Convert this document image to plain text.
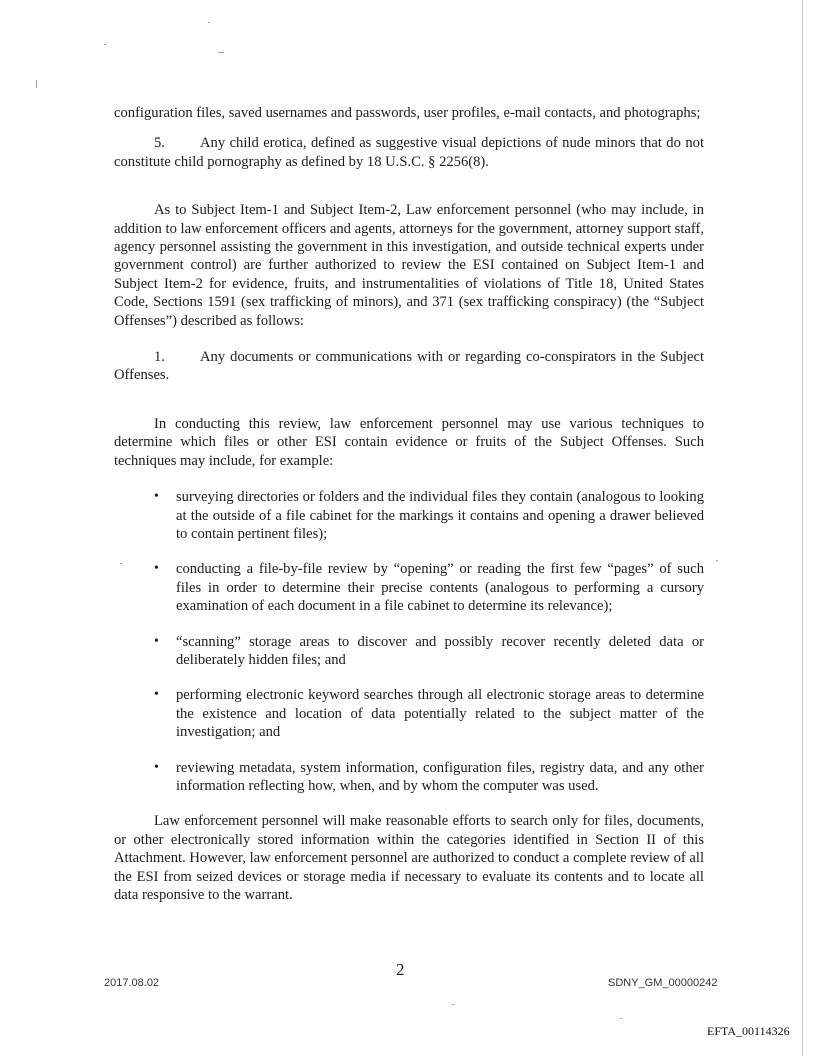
configuration files, saved usernames and passwords, user profiles, e-mail contacts, and photographs;

5. Any child erotica, defined as suggestive visual depictions of nude minors that do not constitute child pornography as defined by 18 U.S.C. § 2256(8).

As to Subject Item-1 and Subject Item-2, Law enforcement personnel (who may include, in addition to law enforcement officers and agents, attorneys for the government, attorney support staff, agency personnel assisting the government in this investigation, and outside technical experts under government control) are further authorized to review the ESI contained on Subject Item-1 and Subject Item-2 for evidence, fruits, and instrumentalities of violations of Title 18, United States Code, Sections 1591 (sex trafficking of minors), and 371 (sex trafficking conspiracy) (the “Subject Offenses”) described as follows:

1. Any documents or communications with or regarding co-conspirators in the Subject Offenses.

In conducting this review, law enforcement personnel may use various techniques to determine which files or other ESI contain evidence or fruits of the Subject Offenses. Such techniques may include, for example:

• surveying directories or folders and the individual files they contain (analogous to looking at the outside of a file cabinet for the markings it contains and opening a drawer believed to contain pertinent files);
• conducting a file-by-file review by “opening” or reading the first few “pages” of such files in order to determine their precise contents (analogous to performing a cursory examination of each document in a file cabinet to determine its relevance);
• “scanning” storage areas to discover and possibly recover recently deleted data or deliberately hidden files; and
• performing electronic keyword searches through all electronic storage areas to determine the existence and location of data potentially related to the subject matter of the investigation; and
• reviewing metadata, system information, configuration files, registry data, and any other information reflecting how, when, and by whom the computer was used.

Law enforcement personnel will make reasonable efforts to search only for files, documents, or other electronically stored information within the categories identified in Section II of this Attachment. However, law enforcement personnel are authorized to conduct a complete review of all the ESI from seized devices or storage media if necessary to evaluate its contents and to locate all data responsive to the warrant.

2
2017.08.02	SDNY_GM_00000242
EFTA_00114326
